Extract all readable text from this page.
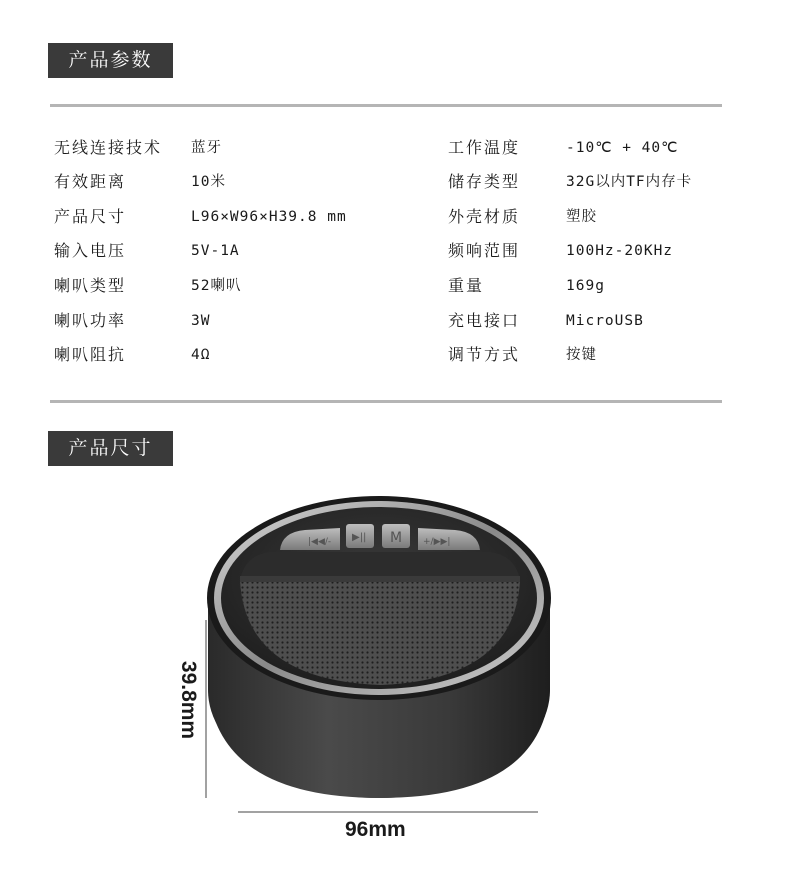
产品参数
无线连接技术 蓝牙
有效距离	10米
产品尺寸	L96×W96×H39.8 mm
输入电压	5V-1A
喇叭类型	52喇叭
喇叭功率	3W
喇叭阻抗	4Ω
工作温度	-10℃ + 40℃
储存类型	32G以内TF内存卡
外壳材质	塑胶
频响范围	100Hz-20KHz
重量	169g
充电接口	MicroUSB
调节方式	按键
产品尺寸
|◀◀/- ▶|| M +/▶▶|
39.8mm
96mm
